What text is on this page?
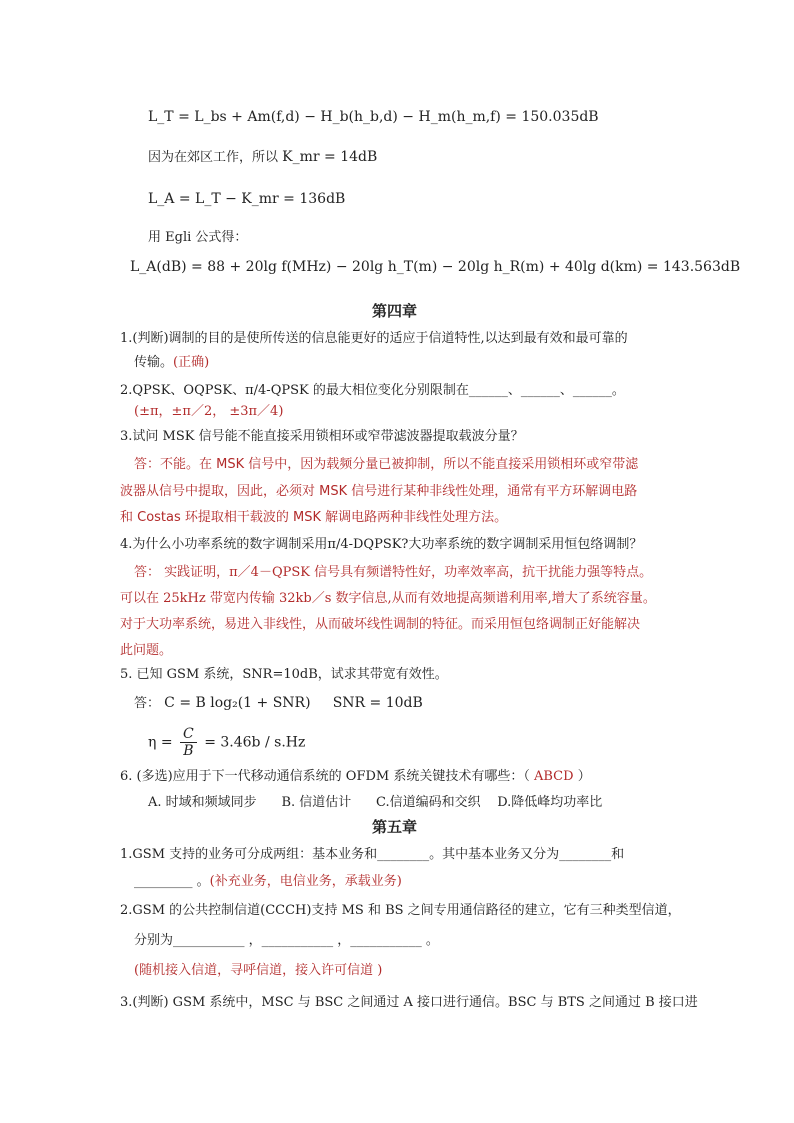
L_T = L_bs + Am(f,d) − H_b(h_b,d) − H_m(h_m,f) = 150.035dB
因为在郊区工作，所以 K_mr = 14dB
L_A = L_T − K_mr = 136dB
用 Egli 公式得：
L_A(dB) = 88 + 20lg f(MHz) − 20lg h_T(m) − 20lg h_R(m) + 40lg d(km) = 143.563dB
第四章
1.(判断)调制的目的是使所传送的信息能更好的适应于信道特性,以达到最有效和最可靠的
传输。(正确)
2.QPSK、OQPSK、π/4-QPSK 的最大相位变化分别限制在______、______、______。
(±π，±π／2， ±3π／4)
3.试问 MSK 信号能不能直接采用锁相环或窄带滤波器提取载波分量？
答：不能。在 MSK 信号中，因为载频分量已被抑制，所以不能直接采用锁相环或窄带滤
波器从信号中提取，因此，必须对 MSK 信号进行某种非线性处理，通常有平方环解调电路
和 Costas 环提取相干载波的 MSK 解调电路两种非线性处理方法。
4.为什么小功率系统的数字调制采用π/4-DQPSK?大功率系统的数字调制采用恒包络调制？
答： 实践证明，π／4－QPSK 信号具有频谱特性好，功率效率高，抗干扰能力强等特点。
可以在 25kHz 带宽内传输 32kb／s 数字信息,从而有效地提高频谱利用率,增大了系统容量。
对于大功率系统，易进入非线性，从而破坏线性调制的特征。而采用恒包络调制正好能解决
此问题。
5. 已知 GSM 系统，SNR=10dB，试求其带宽有效性。
答： C = B log₂(1 + SNR) SNR = 10dB
$\eta = \frac{C}{B} = 3.46b / s.Hz$
6. (多选)应用于下一代移动通信系统的 OFDM 系统关键技术有哪些：（ ABCD ）
A. 时域和频域同步      B. 信道估计      C.信道编码和交织    D.降低峰均功率比
第五章
1.GSM 支持的业务可分成两组：基本业务和________。其中基本业务又分为________和
_________ 。(补充业务，电信业务，承载业务)
2.GSM 的公共控制信道(CCCH)支持 MS 和 BS 之间专用通信路径的建立，它有三种类型信道，
分别为___________ ，___________ ，___________ 。
(随机接入信道，寻呼信道，接入许可信道 )
3.(判断) GSM 系统中，MSC 与 BSC 之间通过 A 接口进行通信。BSC 与 BTS 之间通过 B 接口进
